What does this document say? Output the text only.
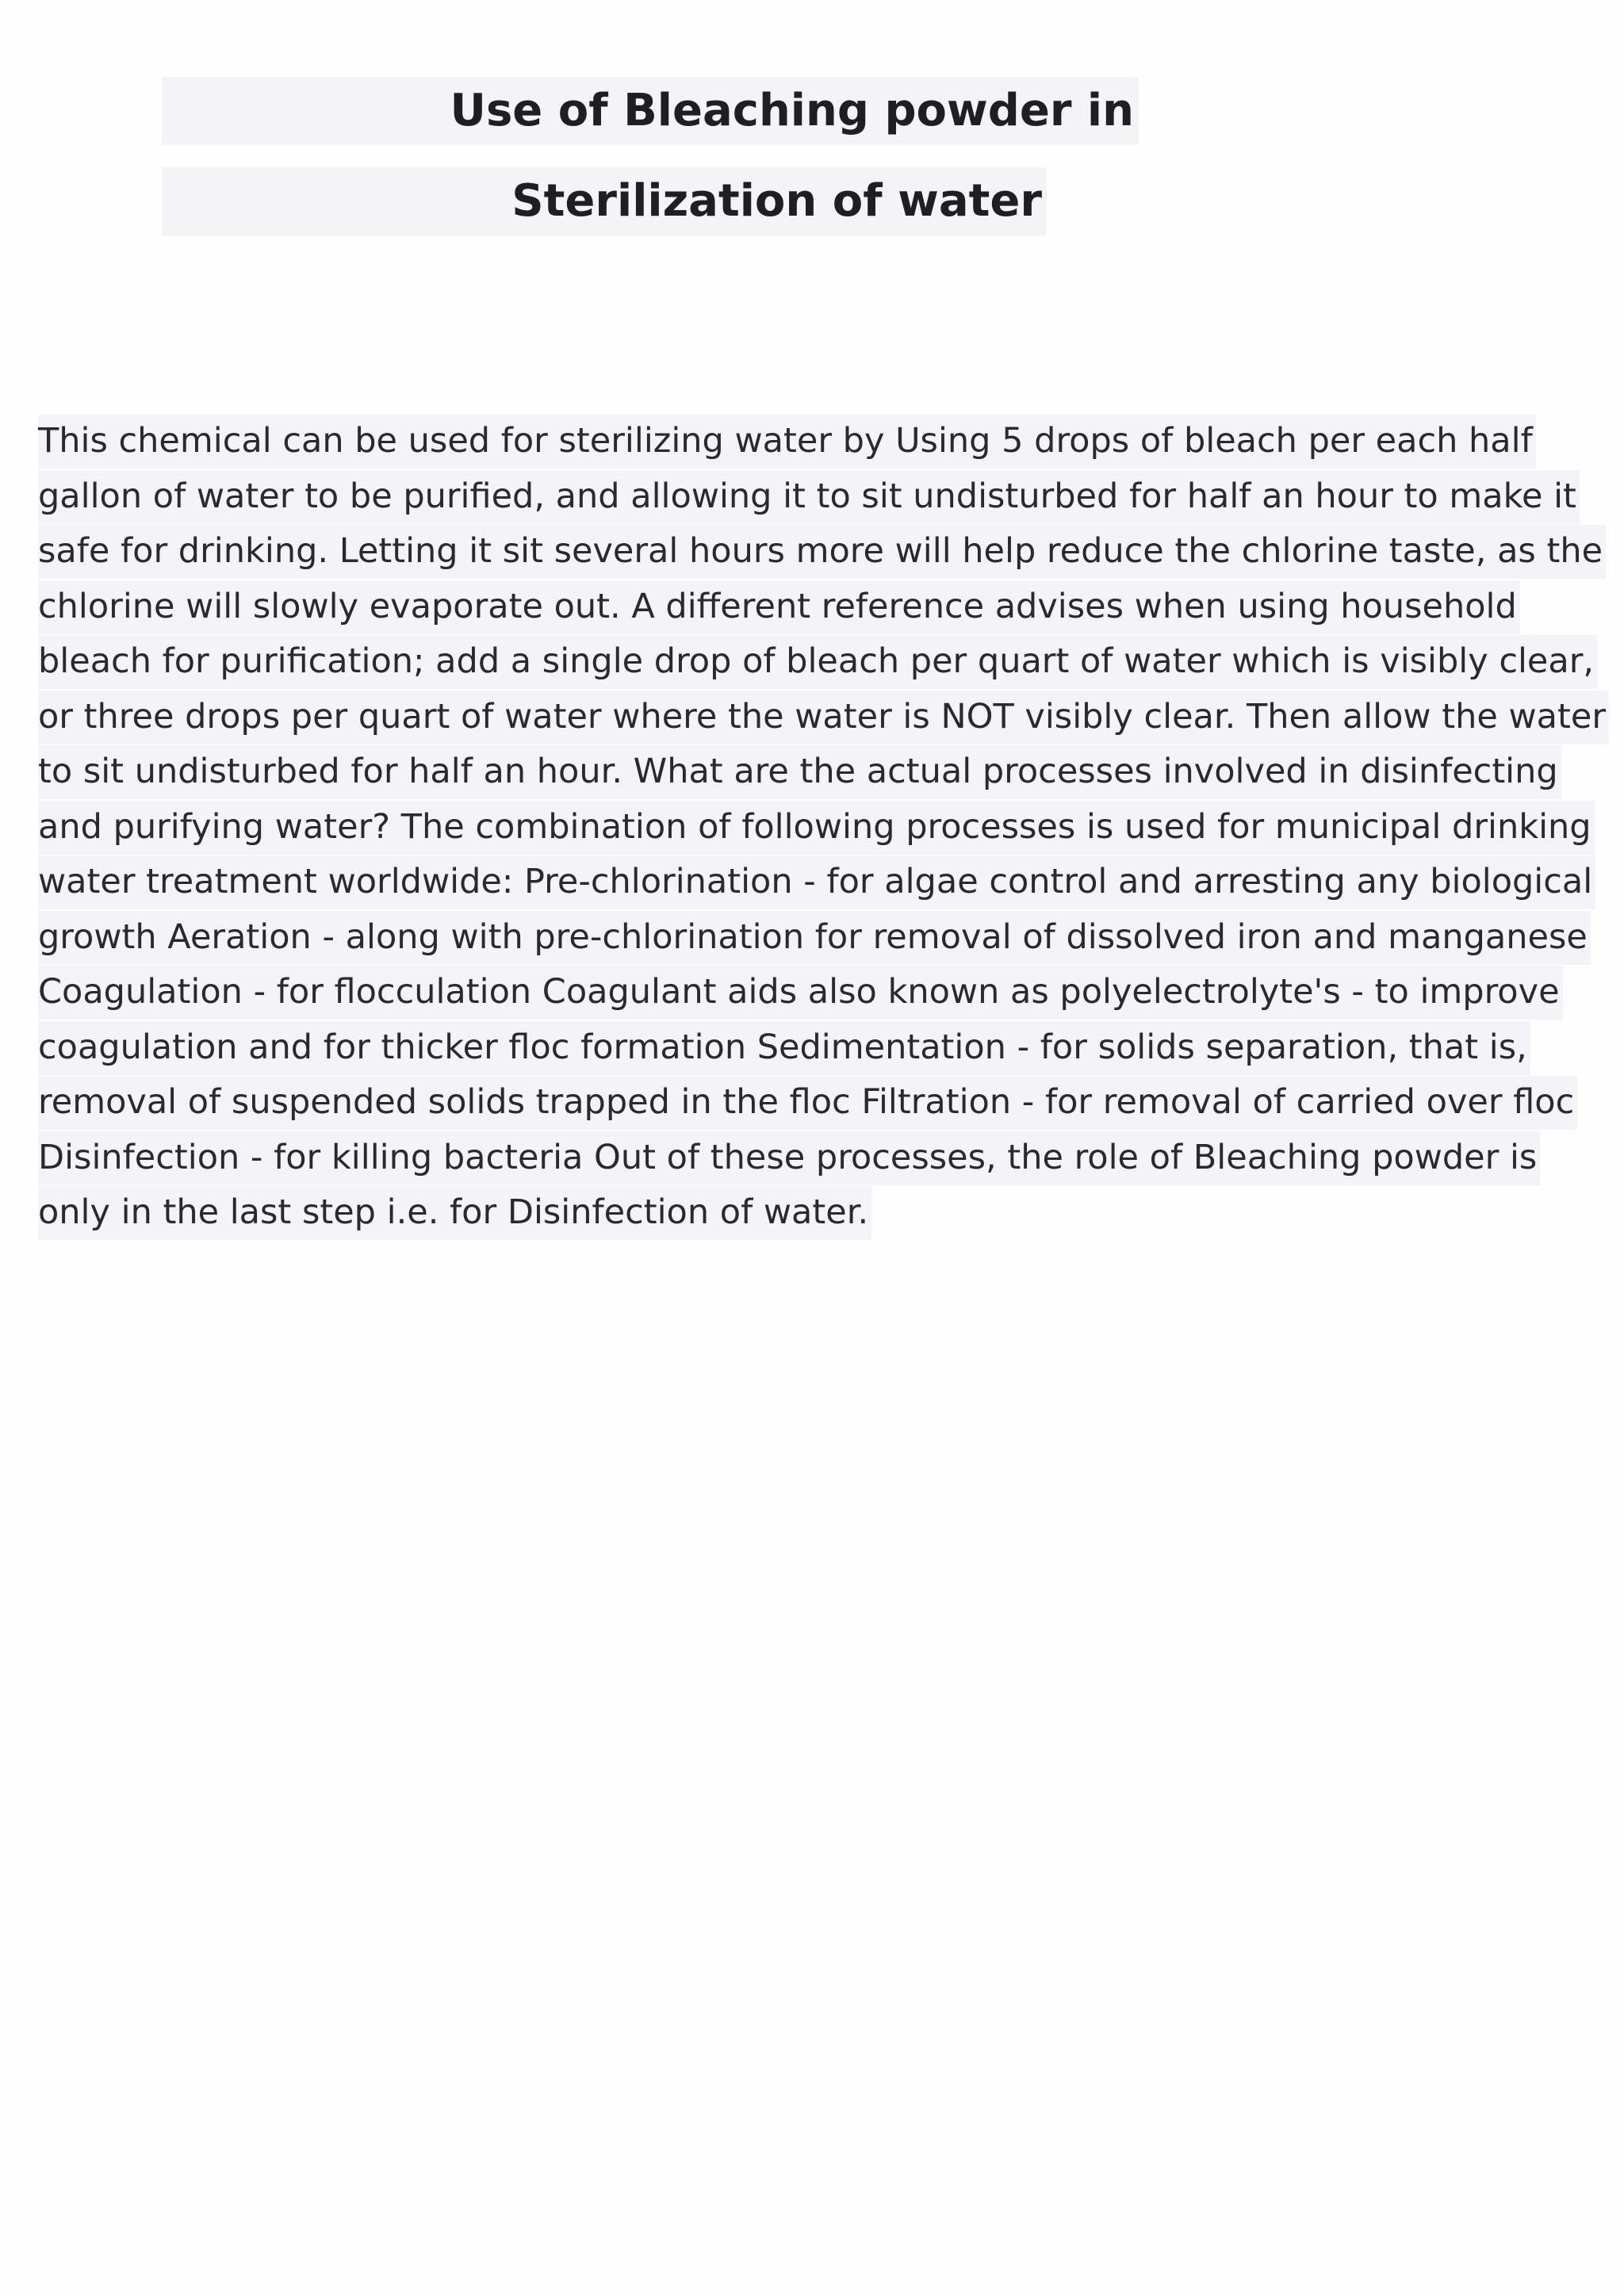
Use of Bleaching powder in
Sterilization of water
This chemical can be used for sterilizing water by Using 5 drops of bleach per each half
gallon of water to be purified, and allowing it to sit undisturbed for half an hour to make it
safe for drinking. Letting it sit several hours more will help reduce the chlorine taste, as the
chlorine will slowly evaporate out. A different reference advises when using household
bleach for purification; add a single drop of bleach per quart of water which is visibly clear,
or three drops per quart of water where the water is NOT visibly clear. Then allow the water
to sit undisturbed for half an hour. What are the actual processes involved in disinfecting
and purifying water? The combination of following processes is used for municipal drinking
water treatment worldwide: Pre-chlorination - for algae control and arresting any biological
growth Aeration - along with pre-chlorination for removal of dissolved iron and manganese
Coagulation - for flocculation Coagulant aids also known as polyelectrolyte's - to improve
coagulation and for thicker floc formation Sedimentation - for solids separation, that is,
removal of suspended solids trapped in the floc Filtration - for removal of carried over floc
Disinfection - for killing bacteria Out of these processes, the role of Bleaching powder is
only in the last step i.e. for Disinfection of water.
